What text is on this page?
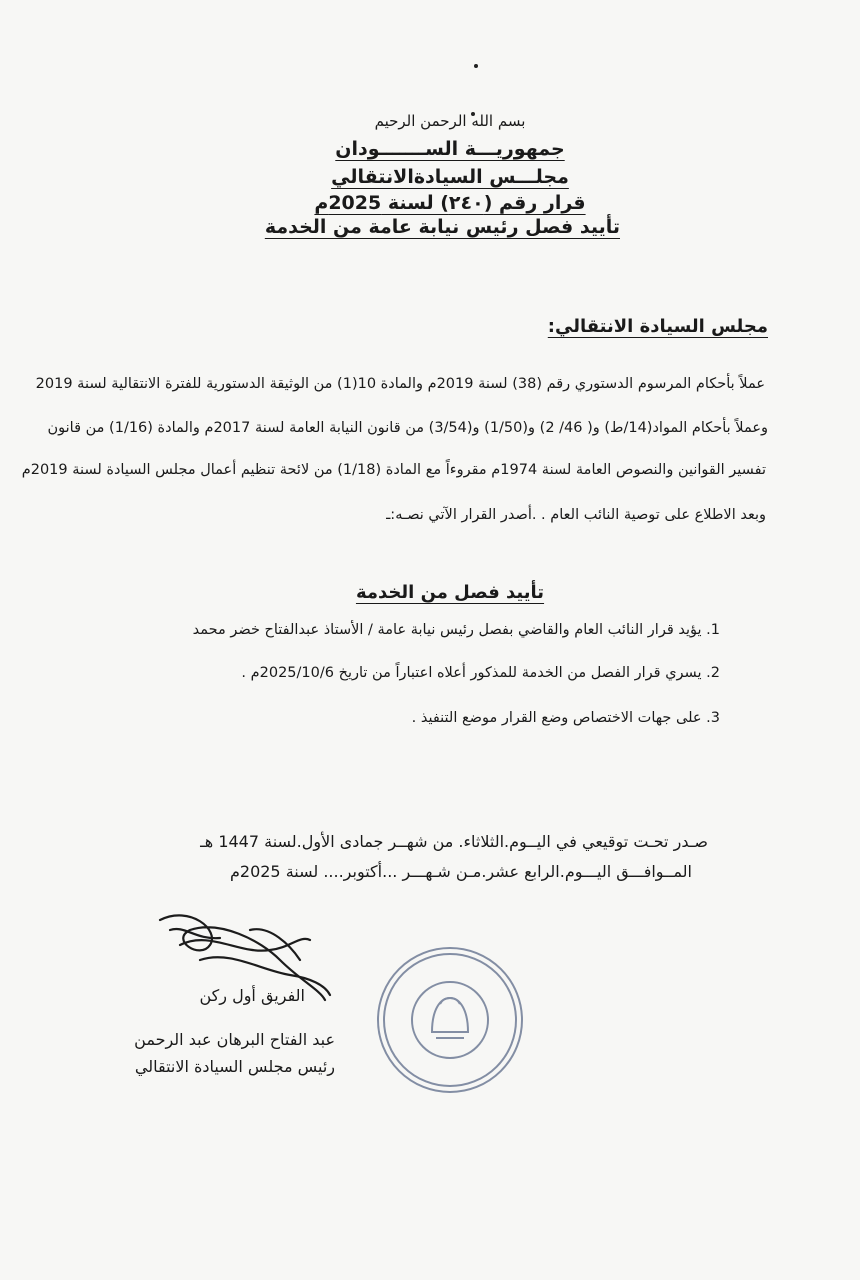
بسم الله الرحمن الرحيم
جمهوريـــة الســـــــودان
مجلـــس السيادةالانتقالي
قرار رقم (٢٤٠) لسنة 2025م
تأييد فصل رئيس نيابة عامة من الخدمة
مجلس السيادة الانتقالي:
عملاً بأحكام المرسوم الدستوري رقم (38) لسنة 2019م والمادة 10(1) من الوثيقة الدستورية للفترة الانتقالية لسنة 2019
وعملاً بأحكام المواد(14/ط) و( 46/ 2) و(1/50) و(3/54) من قانون النيابة العامة لسنة 2017م والمادة (1/16) من قانون
تفسير القوانين والنصوص العامة لسنة 1974م مقروءاً مع المادة (1/18) من لائحة تنظيم أعمال مجلس السيادة لسنة 2019م
وبعد الاطلاع على توصية النائب العام . .أصدر القرار الآتي نصـه:ـ
تأييد فصل من الخدمة
1. يؤيد قرار النائب العام والقاضي بفصل رئيس نيابة عامة / الأستاذ عبدالفتاح خضر محمد
2. يسري قرار الفصل من الخدمة للمذكور أعلاه اعتباراً من تاريخ 2025/10/6م .
3. على جهات الاختصاص وضع القرار موضع التنفيذ .
صـدر تحـت توقيعي في اليــوم.الثلاثاء. من شهــر جمادى الأول.لسنة 1447 هـ
المــوافـــق اليـــوم.الرابع عشر.مـن شـهـــر ...أكتوبر.... لسنة 2025م
الفريق أول ركن
عبد الفتاح البرهان عبد الرحمن
رئيس مجلس السيادة الانتقالي
